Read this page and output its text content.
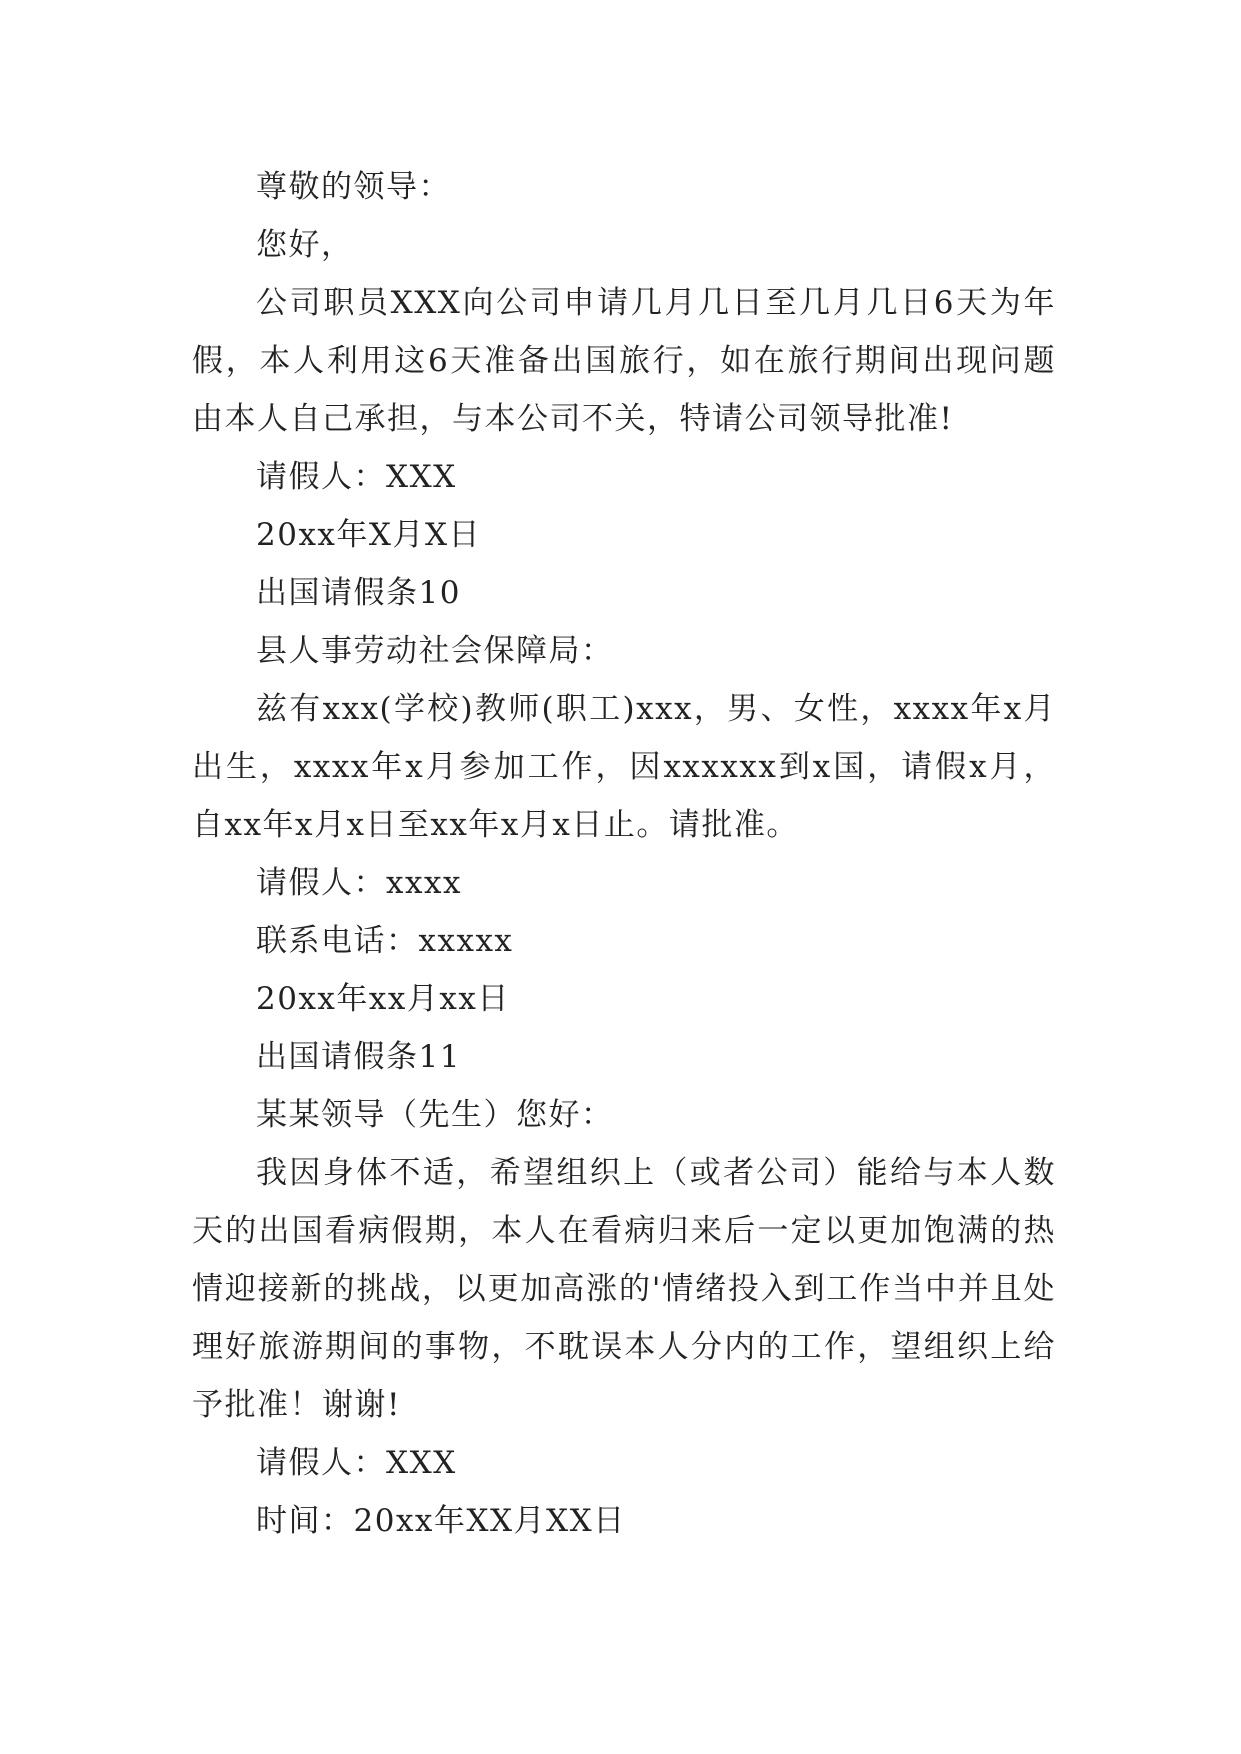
尊敬的领导：

您好，

公司职员XXX向公司申请几月几日至几月几日6天为年假，本人利用这6天准备出国旅行，如在旅行期间出现问题由本人自己承担，与本公司不关，特请公司领导批准!

请假人：XXX

20xx年X月X日

出国请假条10

县人事劳动社会保障局：

兹有xxx(学校)教师(职工)xxx，男、女性，xxxx年x月出生，xxxx年x月参加工作，因xxxxxx到x国，请假x月，自xx年x月x日至xx年x月x日止。请批准。

请假人：xxxx

联系电话：xxxxx

20xx年xx月xx日

出国请假条11

某某领导（先生）您好：

我因身体不适，希望组织上（或者公司）能给与本人数天的出国看病假期，本人在看病归来后一定以更加饱满的热情迎接新的挑战，以更加高涨的'情绪投入到工作当中并且处理好旅游期间的事物，不耽误本人分内的工作，望组织上给予批准！谢谢!

请假人：XXX

时间：20xx年XX月XX日
